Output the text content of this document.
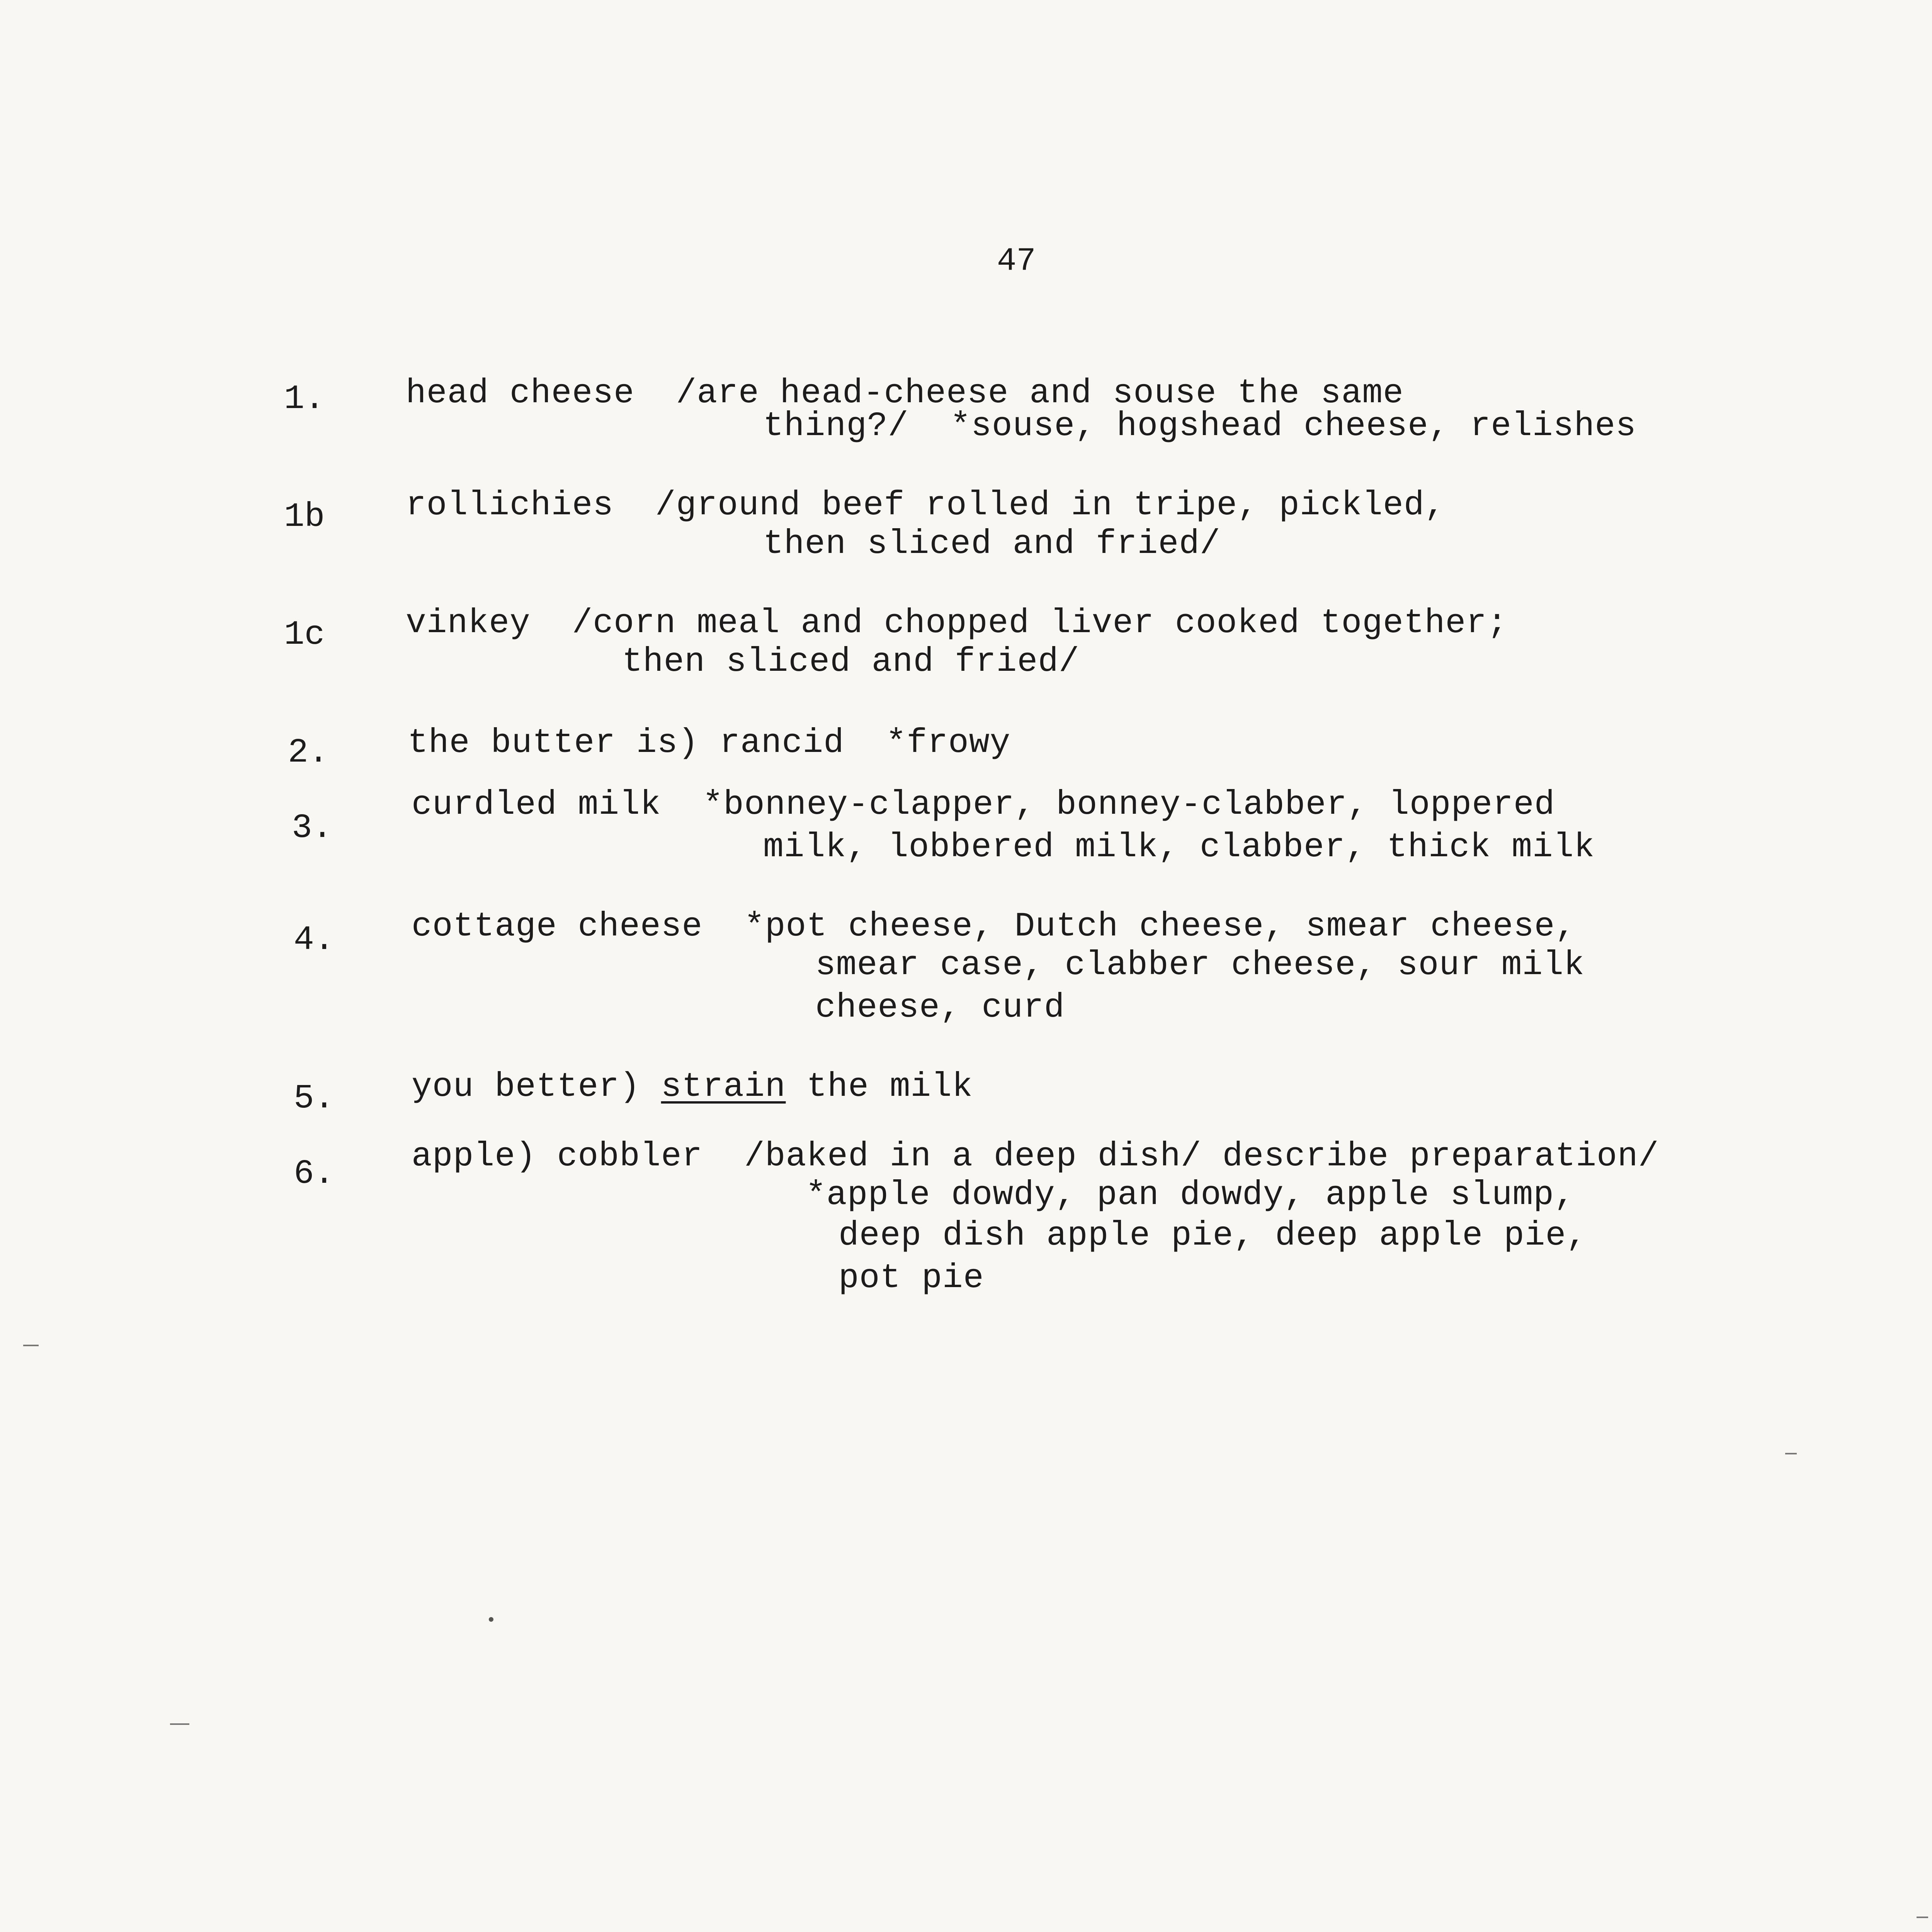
47
1. head cheese  /are head-cheese and souse the same
thing?/  *souse, hogshead cheese, relishes
1b rollichies  /ground beef rolled in tripe, pickled,
then sliced and fried/
1c vinkey  /corn meal and chopped liver cooked together;
then sliced and fried/
2. the butter is) rancid  *frowy
3.
curdled milk  *bonney-clapper, bonney-clabber, loppered
milk, lobbered milk, clabber, thick milk
4. cottage cheese  *pot cheese, Dutch cheese, smear cheese,
smear case, clabber cheese, sour milk
cheese, curd
5. you better) strain the milk
6. apple) cobbler  /baked in a deep dish/ describe preparation/
*apple dowdy, pan dowdy, apple slump,
deep dish apple pie, deep apple pie,
pot pie
